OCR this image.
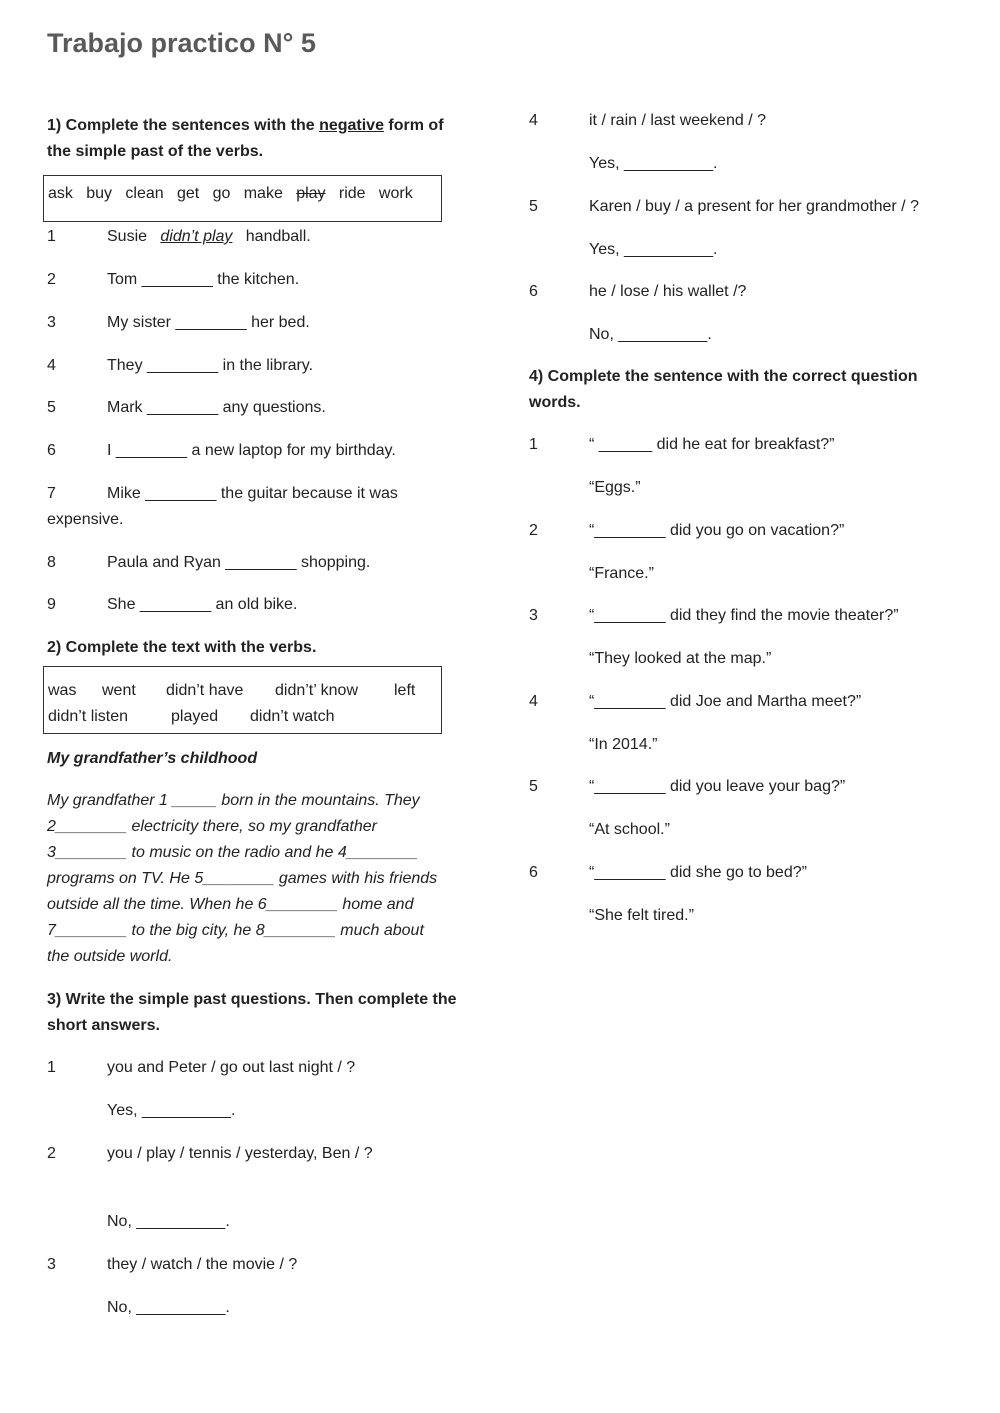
Trabajo practico N° 5
1) Complete the sentences with the negative form of
the simple past of the verbs.
ask buy clean get go make play ride work
1	Susie didn’t play handball.
2	Tom ________ the kitchen.
3	My sister ________ her bed.
4	They ________ in the library.
5	Mark ________ any questions.
6	I ________ a new laptop for my birthday.
7	Mike ________ the guitar because it was
expensive.
8	Paula and Ryan ________ shopping.
9	She ________ an old bike.
2) Complete the text with the verbs.
was went didn’t have didn’t’ know left
didn’t listen	played didn’t watch
My grandfather’s childhood
My grandfather 1 _____ born in the mountains. They
2________ electricity there, so my grandfather
3________ to music on the radio and he 4________
programs on TV. He 5________ games with his friends
outside all the time. When he 6________ home and
7________ to the big city, he 8________ much about
the outside world.
3) Write the simple past questions. Then complete the
short answers.
1	you and Peter / go out last night / ?
Yes, __________.
2	you / play / tennis / yesterday, Ben / ?
No, __________.
3	they / watch / the movie / ?
No, __________.
4	it / rain / last weekend / ?
Yes, __________.
5	Karen / buy / a present for her grandmother / ?
Yes, __________.
6	he / lose / his wallet /?
No, __________.
4) Complete the sentence with the correct question
words.
1	“ ______ did he eat for breakfast?”
“Eggs.”
2	“________ did you go on vacation?”
“France.”
3	“________ did they find the movie theater?”
“They looked at the map.”
4	“________ did Joe and Martha meet?”
“In 2014.”
5	“________ did you leave your bag?”
“At school.”
6	“________ did she go to bed?”
“She felt tired.”
